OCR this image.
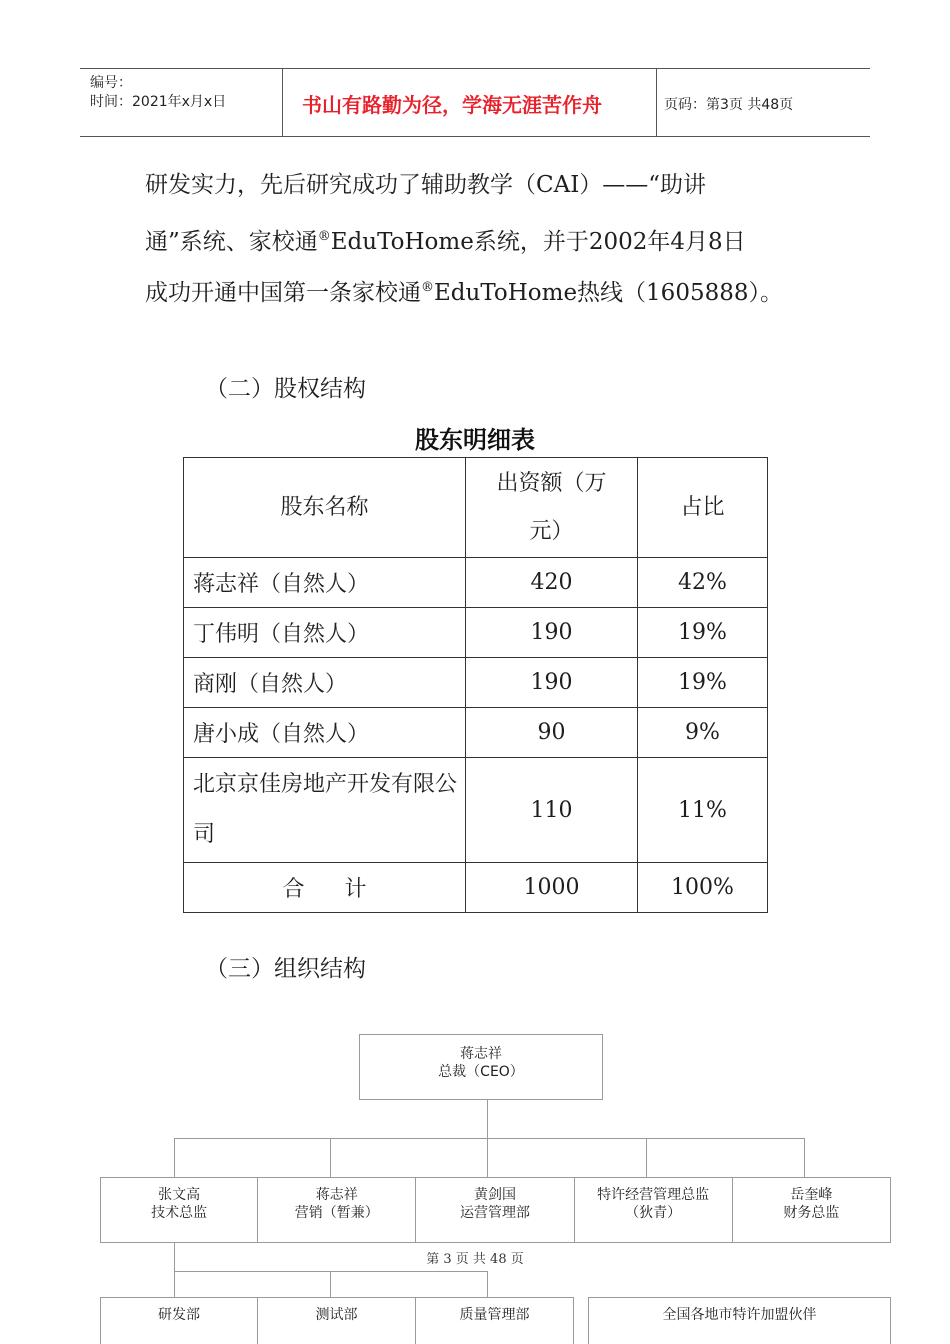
编号：
时间：2021年x月x日	书山有路勤为径，学海无涯苦作舟	页码：第3页 共48页
研发实力，先后研究成功了辅助教学（CAI）——“助讲
通”系统、家校通®EduToHome系统，并于2002年4月8日
成功开通中国第一条家校通®EduToHome热线（1605888）。
（二）股权结构
股东明细表
股东名称	出资额（万元）	占比
蒋志祥（自然人）	420	42%
丁伟明（自然人）	190	19%
商刚（自然人）	190	19%
唐小成（自然人）	90	9%
北京京佳房地产开发有限公司	110	11%
合计	1000	100%
（三）组织结构
蒋志祥
总裁（CEO）
张文高
技术总监
蒋志祥
营销（暂兼）
黄剑国
运营管理部
特许经营管理总监
（狄青）
岳奎峰
财务总监
第 3 页 共 48 页
研发部	测试部	质量管理部	全国各地市特许加盟伙伴
